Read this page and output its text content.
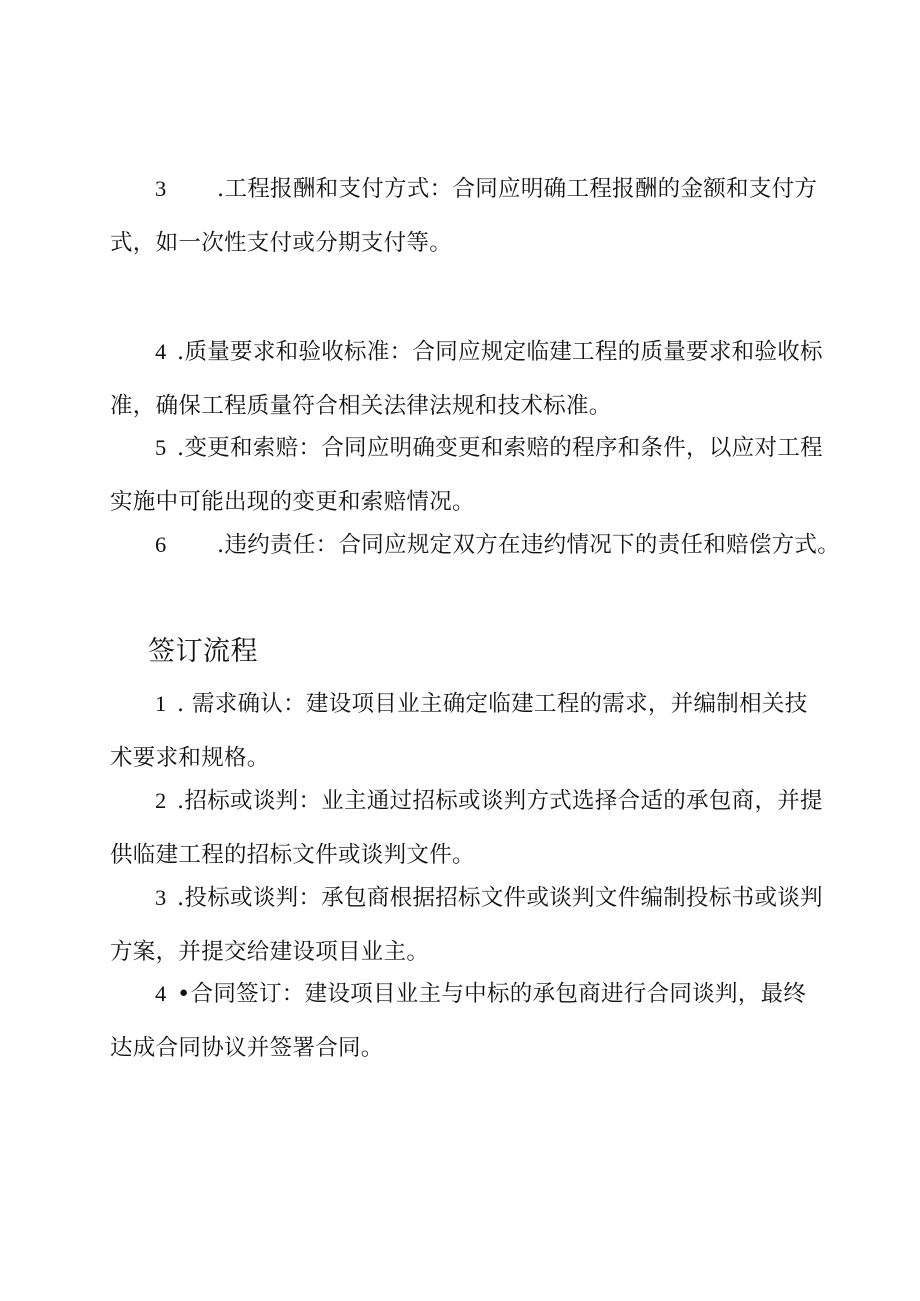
3 .工程报酬和支付方式：合同应明确工程报酬的金额和支付方
式，如一次性支付或分期支付等。

4 .质量要求和验收标准：合同应规定临建工程的质量要求和验收标
准，确保工程质量符合相关法律法规和技术标准。

5 .变更和索赔：合同应明确变更和索赔的程序和条件，以应对工程
实施中可能出现的变更和索赔情况。

6 .违约责任：合同应规定双方在违约情况下的责任和赔偿方式。

签订流程

1 . 需求确认：建设项目业主确定临建工程的需求，并编制相关技
术要求和规格。

2 .招标或谈判：业主通过招标或谈判方式选择合适的承包商，并提
供临建工程的招标文件或谈判文件。

3 .投标或谈判：承包商根据招标文件或谈判文件编制投标书或谈判
方案，并提交给建设项目业主。

4 •合同签订：建设项目业主与中标的承包商进行合同谈判，最终
达成合同协议并签署合同。
